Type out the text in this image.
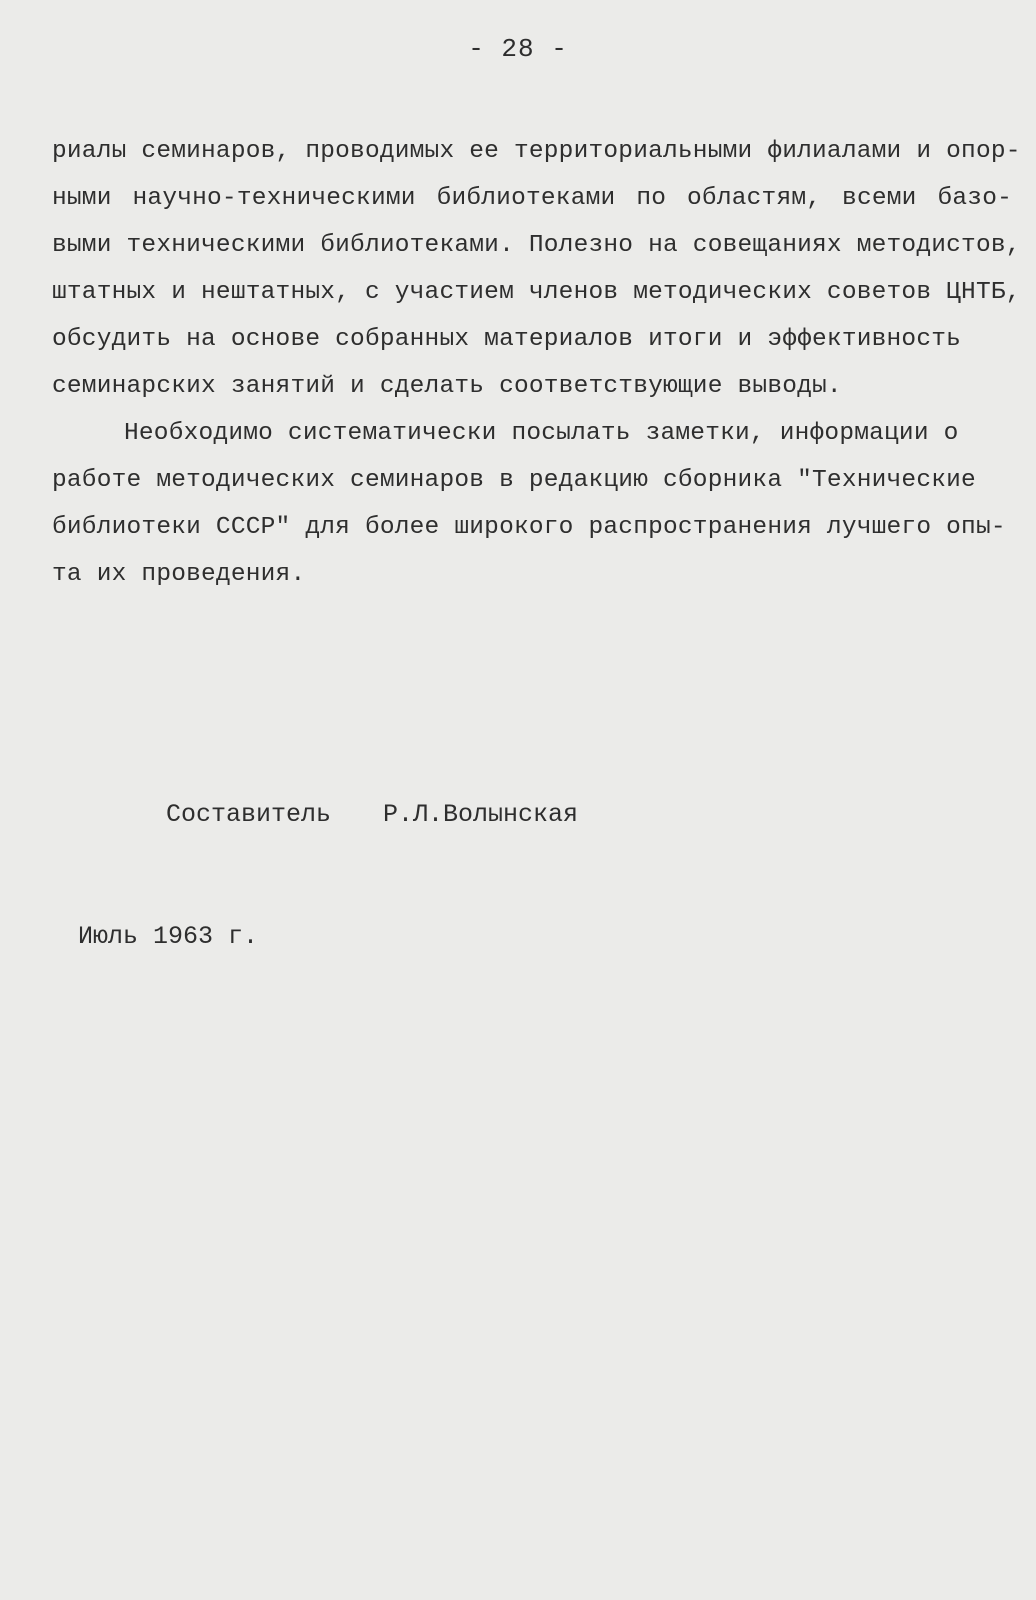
- 28 -
риалы семинаров, проводимых ее территориальными филиалами и опор-
ными научно-техническими библиотеками по областям, всеми базо-
выми техническими библиотеками. Полезно на совещаниях методистов,
штатных и нештатных, с участием членов методических советов ЦНТБ,
обсудить на основе собранных материалов итоги и эффективность
семинарских занятий и сделать соответствующие выводы.
Необходимо систематически посылать заметки, информации о
работе методических семинаров в редакцию сборника "Технические
библиотеки СССР" для более широкого распространения лучшего опы-
та их проведения.
Составитель Р.Л.Волынская
Июль 1963 г.
